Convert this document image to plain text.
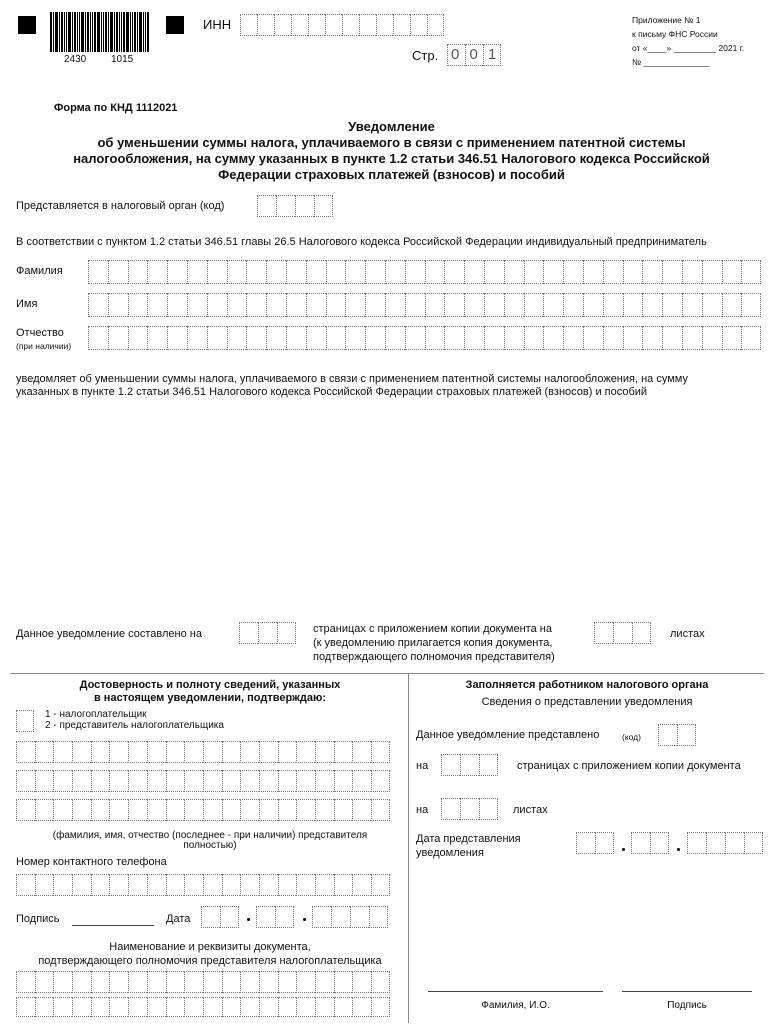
2430 1015
ИНН
Стр. 0 0 1
Приложение № 1
к письму ФНС России
от «____» _________ 2021 г.
№ ______________
Форма по КНД 1112021
Уведомление
об уменьшении суммы налога, уплачиваемого в связи с применением патентной системы
налогообложения, на сумму указанных в пункте 1.2 статьи 346.51 Налогового кодекса Российской
Федерации страховых платежей (взносов) и пособий
Представляется в налоговый орган (код)
В соответствии с пунктом 1.2 статьи 346.51 главы 26.5 Налогового кодекса Российской Федерации индивидуальный предприниматель
Фамилия
Имя
Отчество
(при наличии)
уведомляет об уменьшении суммы налога, уплачиваемого в связи с применением патентной системы налогообложения, на сумму
указанных в пункте 1.2 статьи 346.51 Налогового кодекса Российской Федерации страховых платежей (взносов) и пособий
Данное уведомление составлено на	страницах с приложением копии документа на
(к уведомлению прилагается копия документа,
подтверждающего полномочия представителя)
листах
Достоверность и полноту сведений, указанных
в настоящем уведомлении, подтверждаю:
1 - налогоплательщик
2 - представитель налогоплательщика
(фамилия, имя, отчество (последнее - при наличии) представителя
полностью)
Номер контактного телефона
Подпись	Дата
Наименование и реквизиты документа,
подтверждающего полномочия представителя налогоплательщика
Заполняется работником налогового органа
Сведения о представлении уведомления
Данное уведомление представлено	(код)
на	страницах с приложением копии документа
на	листах
Дата представления
уведомления
Фамилия, И.О.	Подпись
